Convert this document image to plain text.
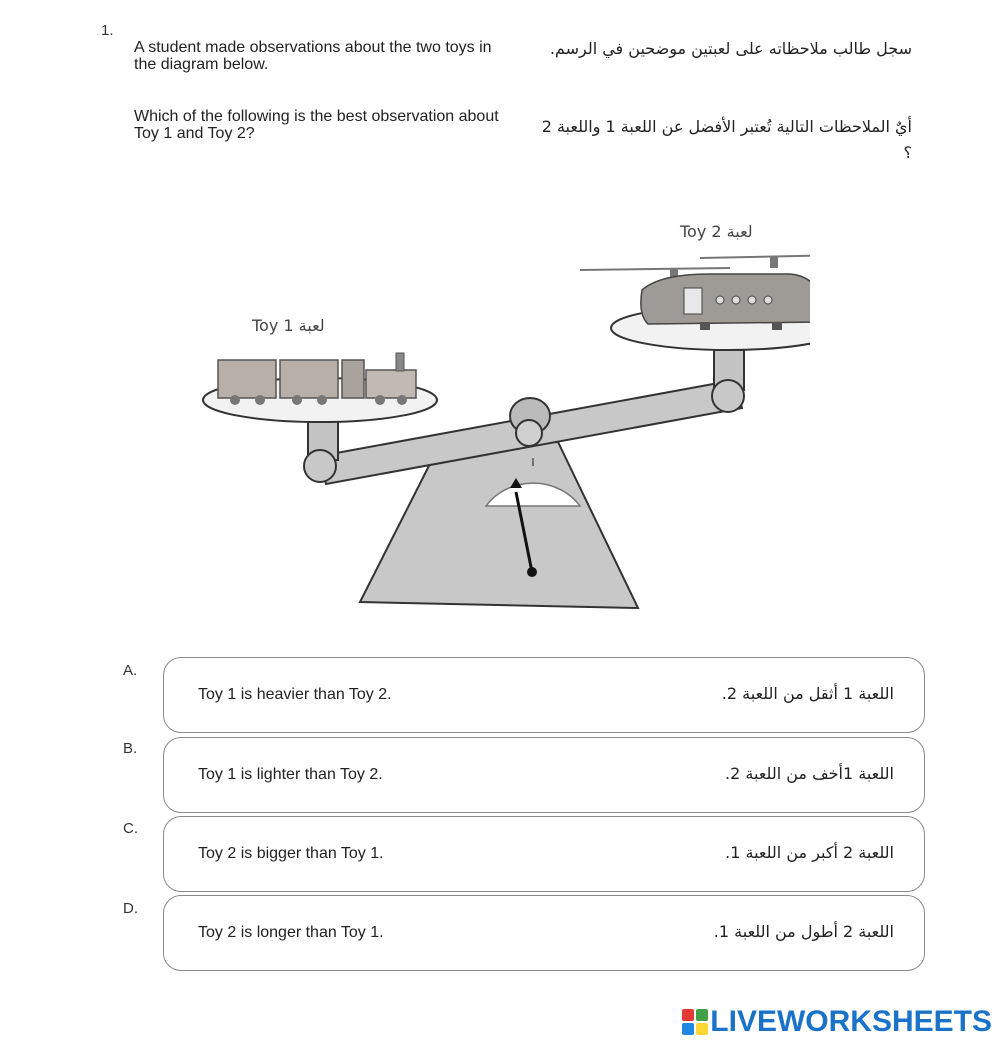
1.
A student made observations about the two toys in the diagram below.
Which of the following is the best observation about Toy 1 and Toy 2?
سجل طالب ملاحظاته على لعبتين موضحين في الرسم.
أيٌ الملاحظات التالية تُعتبر الأفضل عن اللعبة 1 واللعبة 2 ؟
Toy 1 لعبة
Toy 2 لعبة
A.
Toy 1 is heavier than Toy 2.	اللعبة 1 أثقل من اللعبة 2.
B.
Toy 1 is lighter than Toy 2.	اللعبة 1أخف من اللعبة 2.
C.
Toy 2 is bigger than Toy 1.	اللعبة 2 أكبر من اللعبة 1.
D.
Toy 2 is longer than Toy 1.	اللعبة 2 أطول من اللعبة 1.
LIVEWORKSHEETS
